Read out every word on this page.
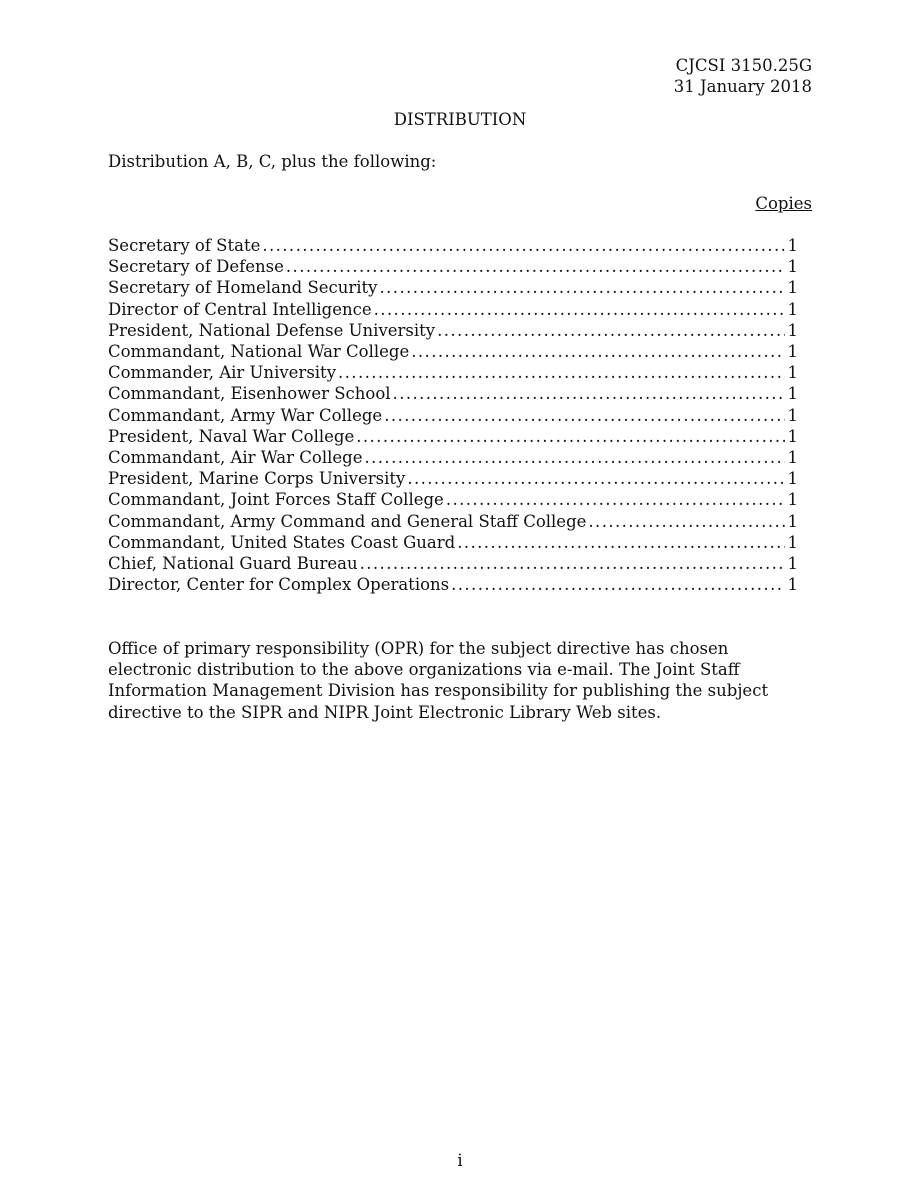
CJCSI 3150.25G
31 January 2018
DISTRIBUTION
Distribution A, B, C, plus the following:
Copies
Secretary of State .....	1
Secretary of Defense .....	1
Secretary of Homeland Security .....	1
Director of Central Intelligence .....	1
President, National Defense University .....	1
Commandant, National War College .....	1
Commander, Air University .....	1
Commandant, Eisenhower School .....	1
Commandant, Army War College .....	1
President, Naval War College .....	1
Commandant, Air War College .....	1
President, Marine Corps University .....	1
Commandant, Joint Forces Staff College .....	1
Commandant, Army Command and General Staff College .....	1
Commandant, United States Coast Guard .....	1
Chief, National Guard Bureau .....	1
Director, Center for Complex Operations .....	1

Office of primary responsibility (OPR) for the subject directive has chosen electronic distribution to the above organizations via e-mail. The Joint Staff Information Management Division has responsibility for publishing the subject directive to the SIPR and NIPR Joint Electronic Library Web sites.

i
